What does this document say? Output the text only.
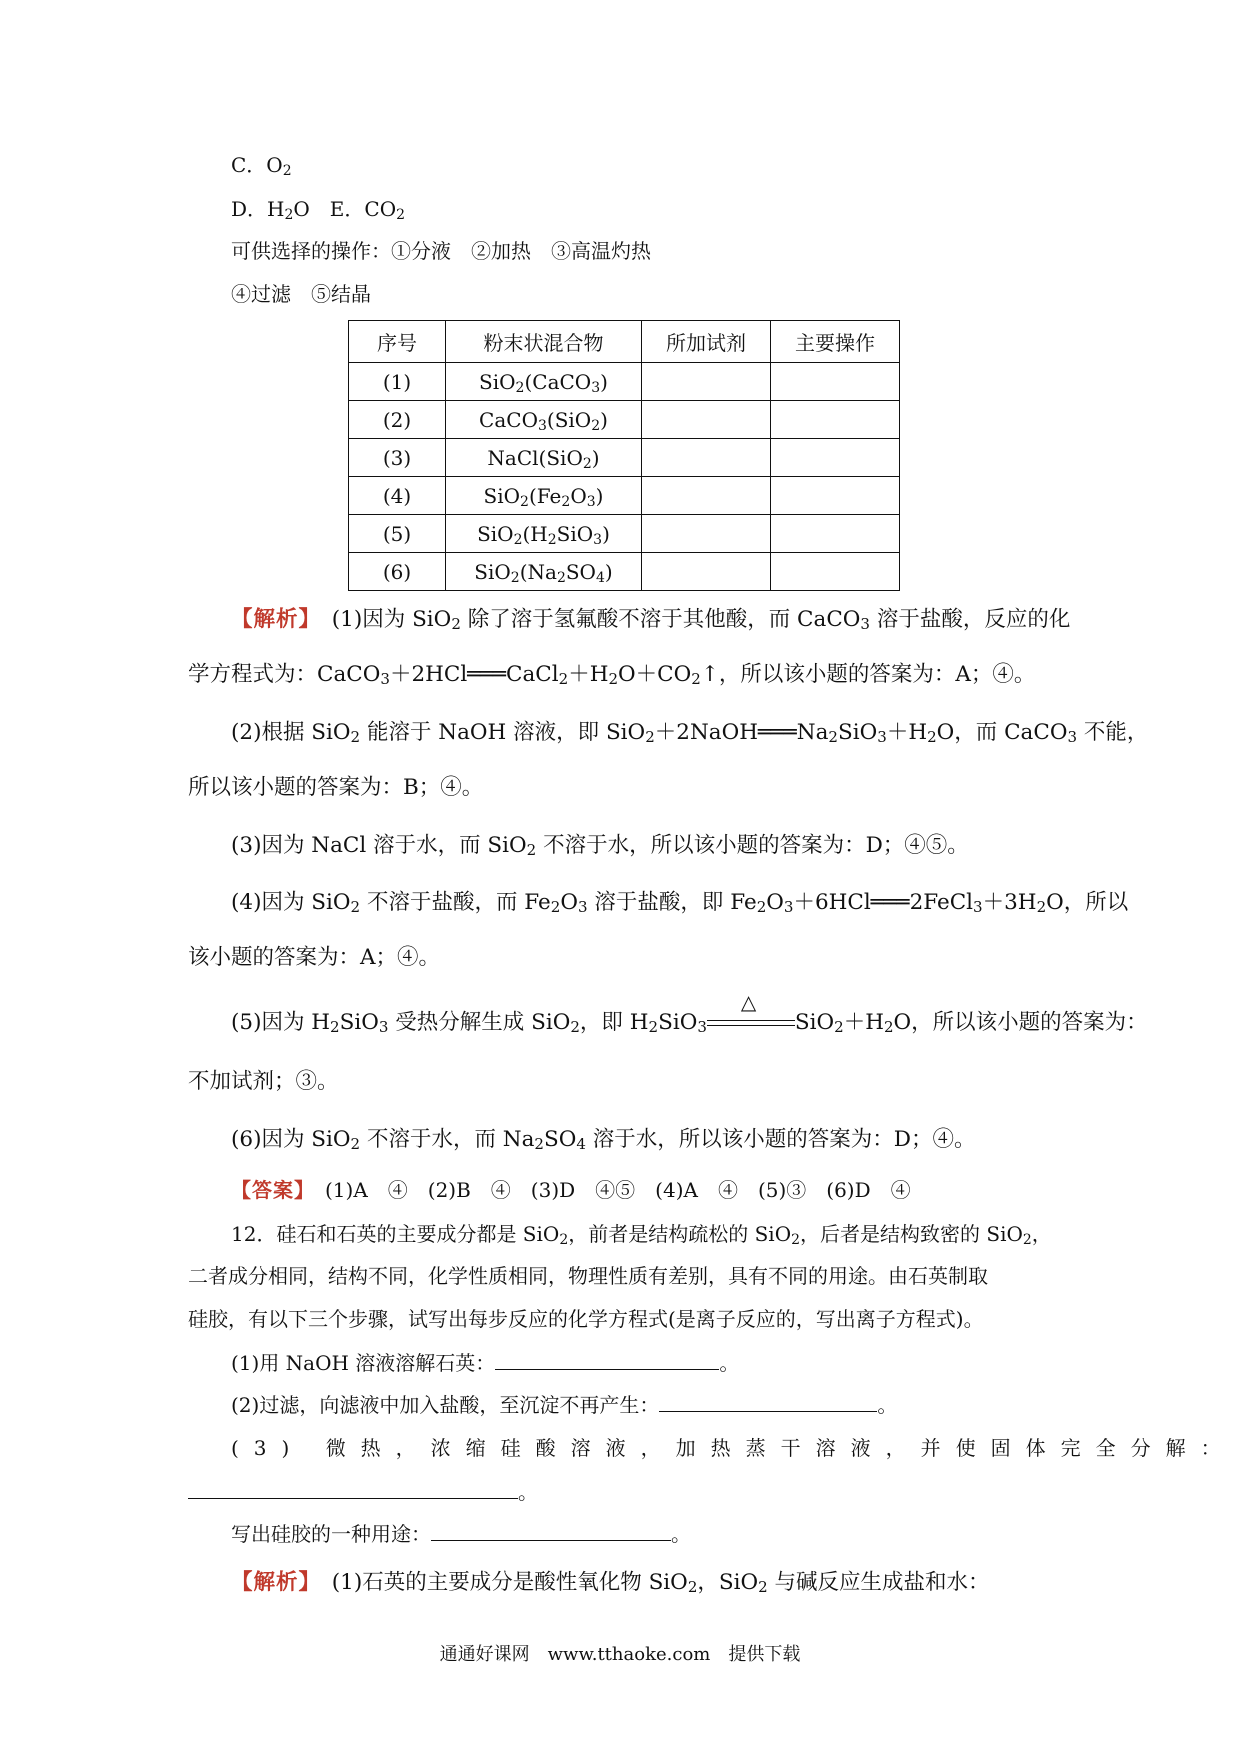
C．$O_2$
D．$H_2O$　E．$CO_2$
可供选择的操作：①分液　②加热　③高温灼热
④过滤　⑤结晶
序号	粉末状混合物	所加试剂	主要操作
(1)	SiO$_2$(CaCO$_3$)		
(2)	CaCO$_3$(SiO$_2$)		
(3)	NaCl(SiO$_2$)		
(4)	$SiO_2(Fe_2O_3)$		
(5)	$SiO_2(H_2SiO_3)$		
(6)	$SiO_2(Na_2SO_4)$		
【解析】　 (1)因为 SiO$_2$ 除了溶于氢氟酸不溶于其他酸，而 CaCO$_3$ 溶于盐酸，反应的化
学方程式为：$CaCO_3+2HCl═══CaCl_2+H_2O+CO_2↑$，所以该小题的答案为：A；④。
(2)根据 SiO$_2$ 能溶于 NaOH 溶液，即 $SiO_2+2NaOH═══Na_2SiO_3+H_2O$，而 CaCO$_3$ 不能，
所以该小题的答案为：B；④。
(3)因为 NaCl 溶于水，而 SiO$_2$ 不溶于水，所以该小题的答案为：D；④⑤。
(4)因为 SiO$_2$ 不溶于盐酸，而 $Fe_2O_3$ 溶于盐酸，即 $Fe_2O_3+6HCl═══2FeCl_3+3H_2O$，所以
该小题的答案为：A；④。
(5)因为 $H_2SiO_3$ 受热分解生成 SiO$_2$，即 $H_2SiO_3$
△
$SiO_2+H_2O$，所以该小题的答案为：
不加试剂；③。
(6)因为 SiO$_2$ 不溶于水，而 $Na_2SO_4$ 溶于水，所以该小题的答案为：D；④。
【答案】　 (1)A　④　(2)B　④　(3)D　④⑤　(4)A　④　(5)③　(6)D　④
12．硅石和石英的主要成分都是 SiO$_2$，前者是结构疏松的 SiO$_2$，后者是结构致密的 SiO$_2$，
二者成分相同，结构不同，化学性质相同，物理性质有差别，具有不同的用途。由石英制取
硅胶，有以下三个步骤，试写出每步反应的化学方程式(是离子反应的，写出离子方程式)。
(1)用 NaOH 溶液溶解石英：	。
(2)过滤，向滤液中加入盐酸，至沉淀不再产生：	。
(3) 微热，浓缩硅酸溶液，加热蒸干溶液，并使固体完全分解：
。
写出硅胶的一种用途：	。
【解析】　 (1)石英的主要成分是酸性氧化物 SiO$_2$，SiO$_2$ 与碱反应生成盐和水：
通通好课网　www.tthaoke.com　提供下载
